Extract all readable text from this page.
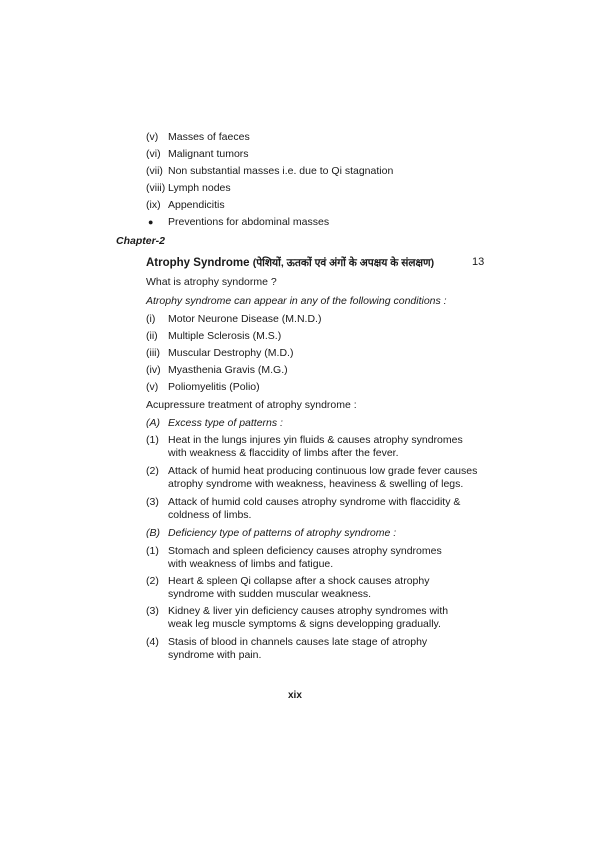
(v) Masses of faeces
(vi) Malignant tumors
(vii) Non substantial masses i.e. due to Qi stagnation
(viii) Lymph nodes
(ix) Appendicitis
● Preventions for abdominal masses
Chapter-2
Atrophy Syndrome (पेशियों, ऊतकों एवं अंगों के अपक्षय के संलक्षण)	13
What is atrophy syndorme ?
Atrophy syndrome can appear in any of the following conditions :
(i) Motor Neurone Disease (M.N.D.)
(ii) Multiple Sclerosis (M.S.)
(iii) Muscular Destrophy (M.D.)
(iv) Myasthenia Gravis (M.G.)
(v) Poliomyelitis (Polio)
Acupressure treatment of atrophy syndrome :
(A) Excess type of patterns :
(1) Heat in the lungs injures yin fluids & causes atrophy syndromes
with weakness & flaccidity of limbs after the fever.
(2) Attack of humid heat producing continuous low grade fever causes
atrophy syndrome with weakness, heaviness & swelling of legs.
(3) Attack of humid cold causes atrophy syndrome with flaccidity &
coldness of limbs.
(B) Deficiency type of patterns of atrophy syndrome :
(1) Stomach and spleen deficiency causes atrophy syndromes
with weakness of limbs and fatigue.
(2) Heart & spleen Qi collapse after a shock causes atrophy
syndrome with sudden muscular weakness.
(3) Kidney & liver yin deficiency causes atrophy syndromes with
weak leg muscle symptoms & signs developping gradually.
(4) Stasis of blood in channels causes late stage of atrophy
syndrome with pain.
xix
